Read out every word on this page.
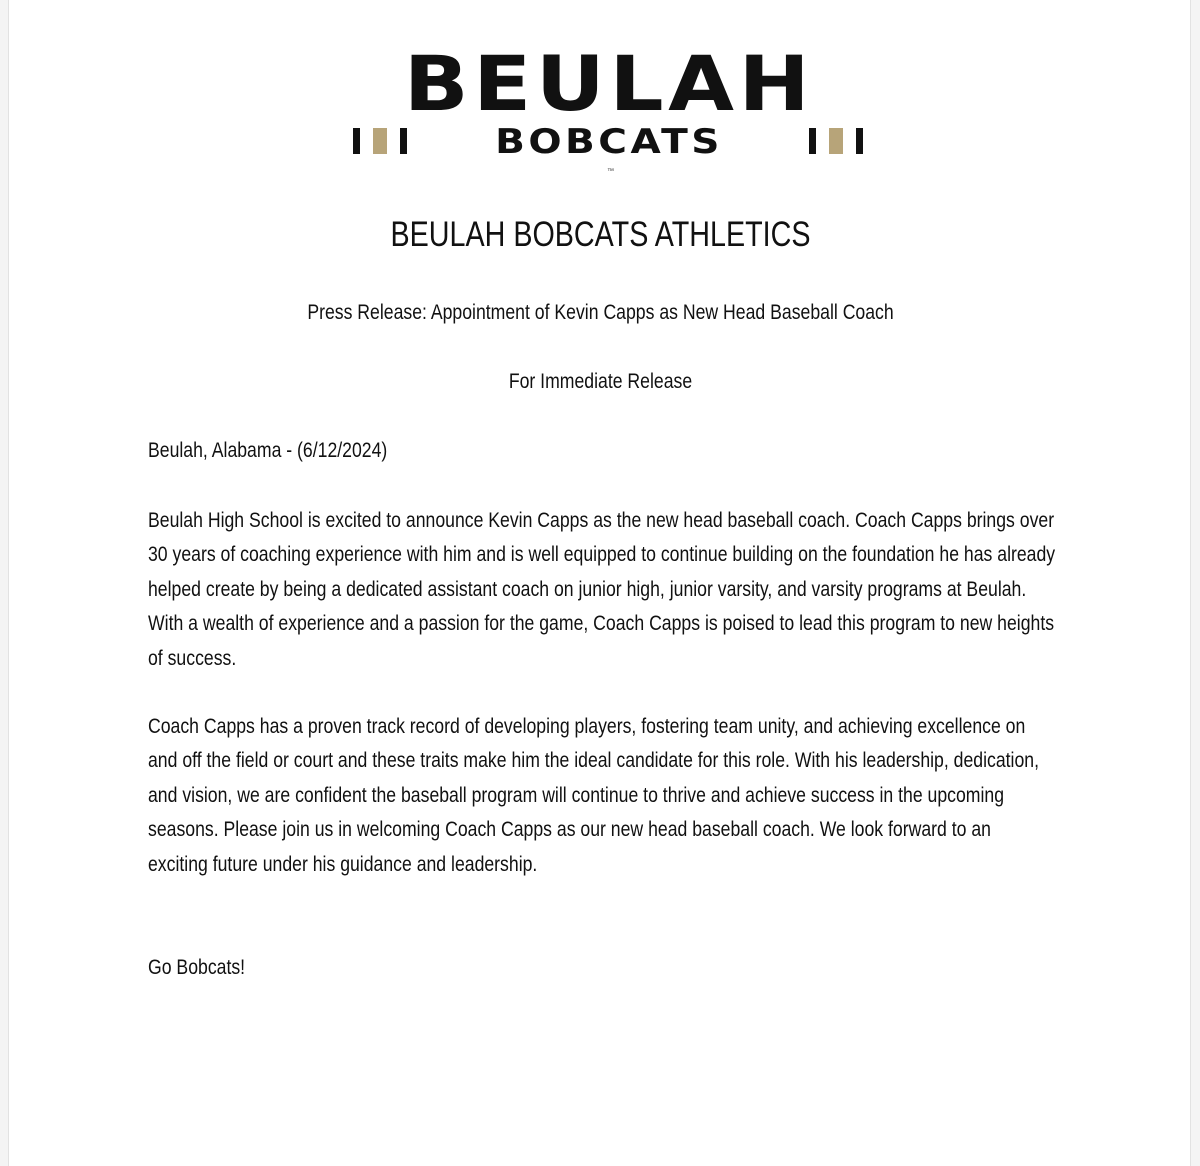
BEULAH
BOBCATS
™
BEULAH BOBCATS ATHLETICS
Press Release: Appointment of Kevin Capps as New Head Baseball Coach
For Immediate Release

Beulah, Alabama - (6/12/2024)

Beulah High School is excited to announce Kevin Capps as the new head baseball coach. Coach Capps brings over 30 years of coaching experience with him and is well equipped to continue building on the foundation he has already helped create by being a dedicated assistant coach on junior high, junior varsity, and varsity programs at Beulah. With a wealth of experience and a passion for the game, Coach Capps is poised to lead this program to new heights of success.

Coach Capps has a proven track record of developing players, fostering team unity, and achieving excellence on and off the field or court and these traits make him the ideal candidate for this role. With his leadership, dedication, and vision, we are confident the baseball program will continue to thrive and achieve success in the upcoming seasons. Please join us in welcoming Coach Capps as our new head baseball coach. We look forward to an exciting future under his guidance and leadership.

Go Bobcats!
